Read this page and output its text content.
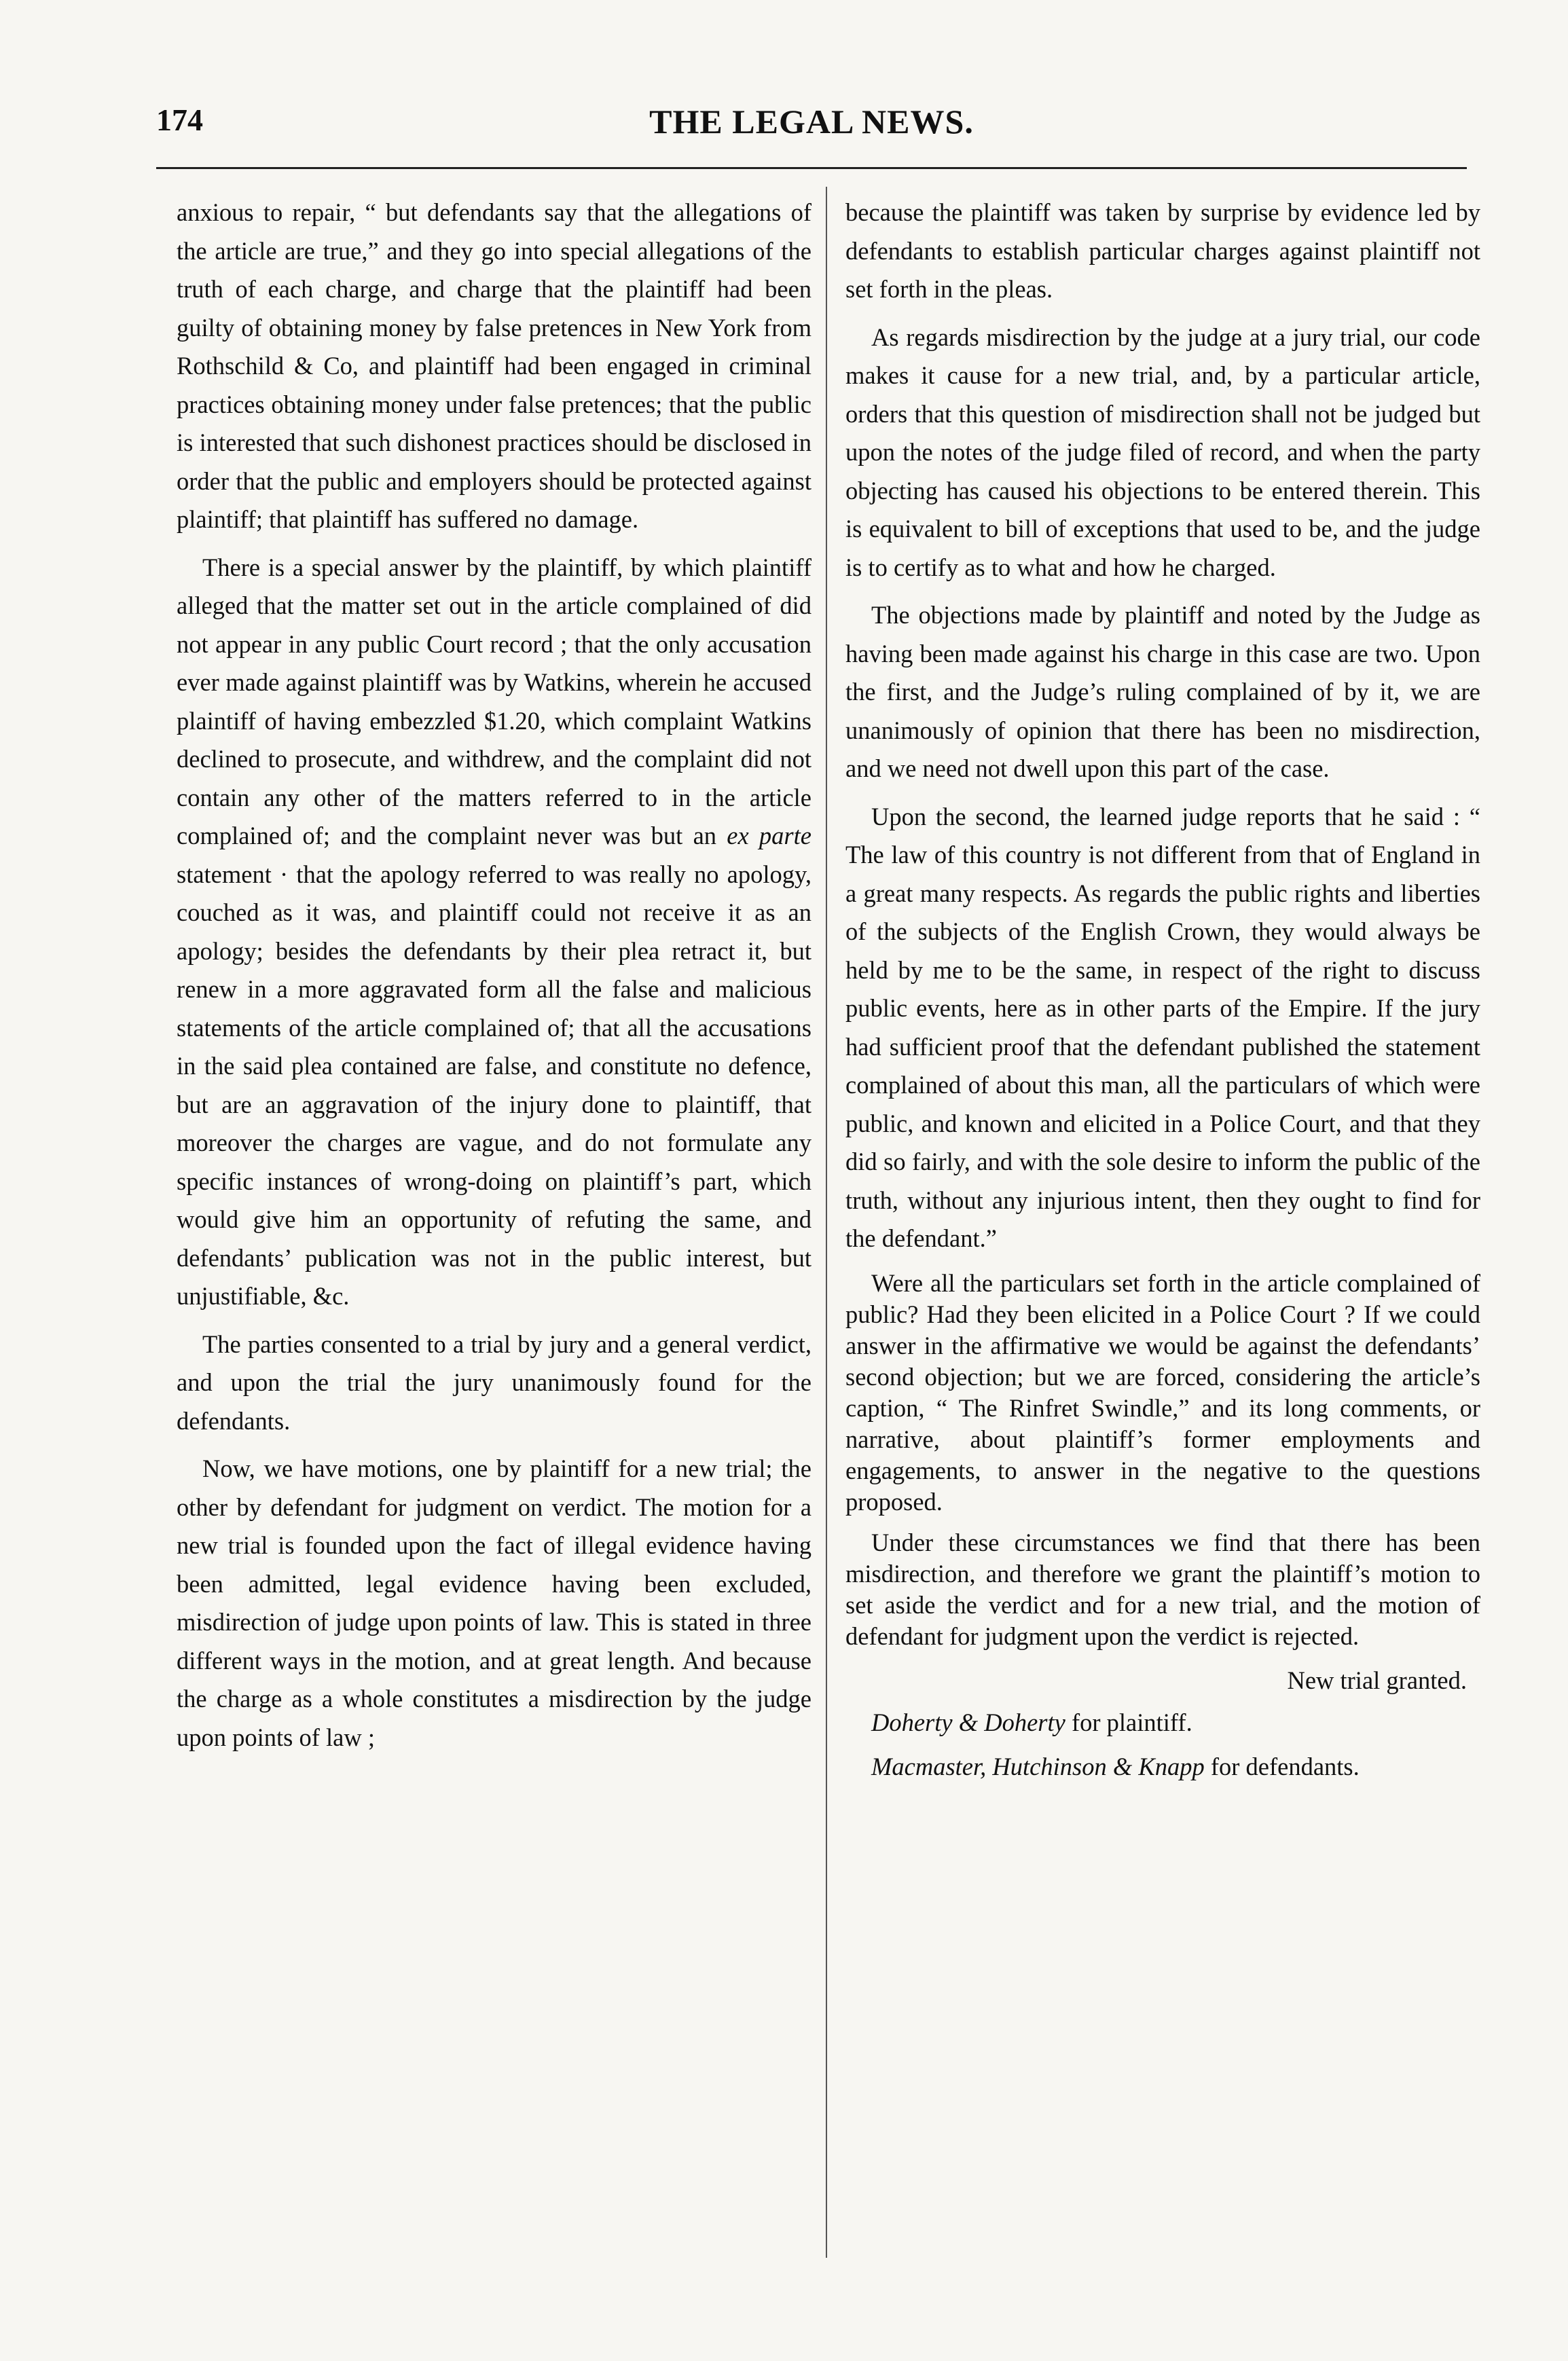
174	THE LEGAL NEWS.

anxious to repair, “ but defendants say that the allegations of the article are true,” and they go into special allegations of the truth of each charge, and charge that the plaintiff had been guilty of obtaining money by false pretences in New York from Rothschild & Co, and plaintiff had been engaged in criminal practices obtaining money under false pretences; that the public is interested that such dishonest practices should be disclosed in order that the public and employers should be protected against plaintiff; that plaintiff has suffered no damage.

There is a special answer by the plaintiff, by which plaintiff alleged that the matter set out in the article complained of did not appear in any public Court record ; that the only accusation ever made against plaintiff was by Watkins, wherein he accused plaintiff of having embezzled $1.20, which complaint Watkins declined to prosecute, and withdrew, and the complaint did not contain any other of the matters referred to in the article complained of; and the complaint never was but an ex parte statement · that the apology referred to was really no apology, couched as it was, and plaintiff could not receive it as an apology; besides the defendants by their plea retract it, but renew in a more aggravated form all the false and malicious statements of the article complained of; that all the accusations in the said plea contained are false, and constitute no defence, but are an aggravation of the injury done to plaintiff, that moreover the charges are vague, and do not formulate any specific instances of wrong-doing on plaintiff’s part, which would give him an opportunity of refuting the same, and defendants’ publication was not in the public interest, but unjustifiable, &c.

The parties consented to a trial by jury and a general verdict, and upon the trial the jury unanimously found for the defendants.

Now, we have motions, one by plaintiff for a new trial; the other by defendant for judgment on verdict. The motion for a new trial is founded upon the fact of illegal evidence having been admitted, legal evidence having been excluded, misdirection of judge upon points of law. This is stated in three different ways in the motion, and at great length. And because the charge as a whole constitutes a misdirection by the judge upon points of law ;

because the plaintiff was taken by surprise by evidence led by defendants to establish particular charges against plaintiff not set forth in the pleas.

As regards misdirection by the judge at a jury trial, our code makes it cause for a new trial, and, by a particular article, orders that this question of misdirection shall not be judged but upon the notes of the judge filed of record, and when the party objecting has caused his objections to be entered therein. This is equivalent to bill of exceptions that used to be, and the judge is to certify as to what and how he charged.

The objections made by plaintiff and noted by the Judge as having been made against his charge in this case are two. Upon the first, and the Judge’s ruling complained of by it, we are unanimously of opinion that there has been no misdirection, and we need not dwell upon this part of the case.

Upon the second, the learned judge reports that he said : “ The law of this country is not different from that of England in a great many respects. As regards the public rights and liberties of the subjects of the English Crown, they would always be held by me to be the same, in respect of the right to discuss public events, here as in other parts of the Empire. If the jury had sufficient proof that the defendant published the statement complained of about this man, all the particulars of which were public, and known and elicited in a Police Court, and that they did so fairly, and with the sole desire to inform the public of the truth, without any injurious intent, then they ought to find for the defendant.”

Were all the particulars set forth in the article complained of public? Had they been elicited in a Police Court ? If we could answer in the affirmative we would be against the defendants’ second objection; but we are forced, considering the article’s caption, “ The Rinfret Swindle,” and its long comments, or narrative, about plaintiff’s former employments and engagements, to answer in the negative to the questions proposed.

Under these circumstances we find that there has been misdirection, and therefore we grant the plaintiff’s motion to set aside the verdict and for a new trial, and the motion of defendant for judgment upon the verdict is rejected.

New trial granted.

Doherty & Doherty for plaintiff.

Macmaster, Hutchinson & Knapp for defendants.
